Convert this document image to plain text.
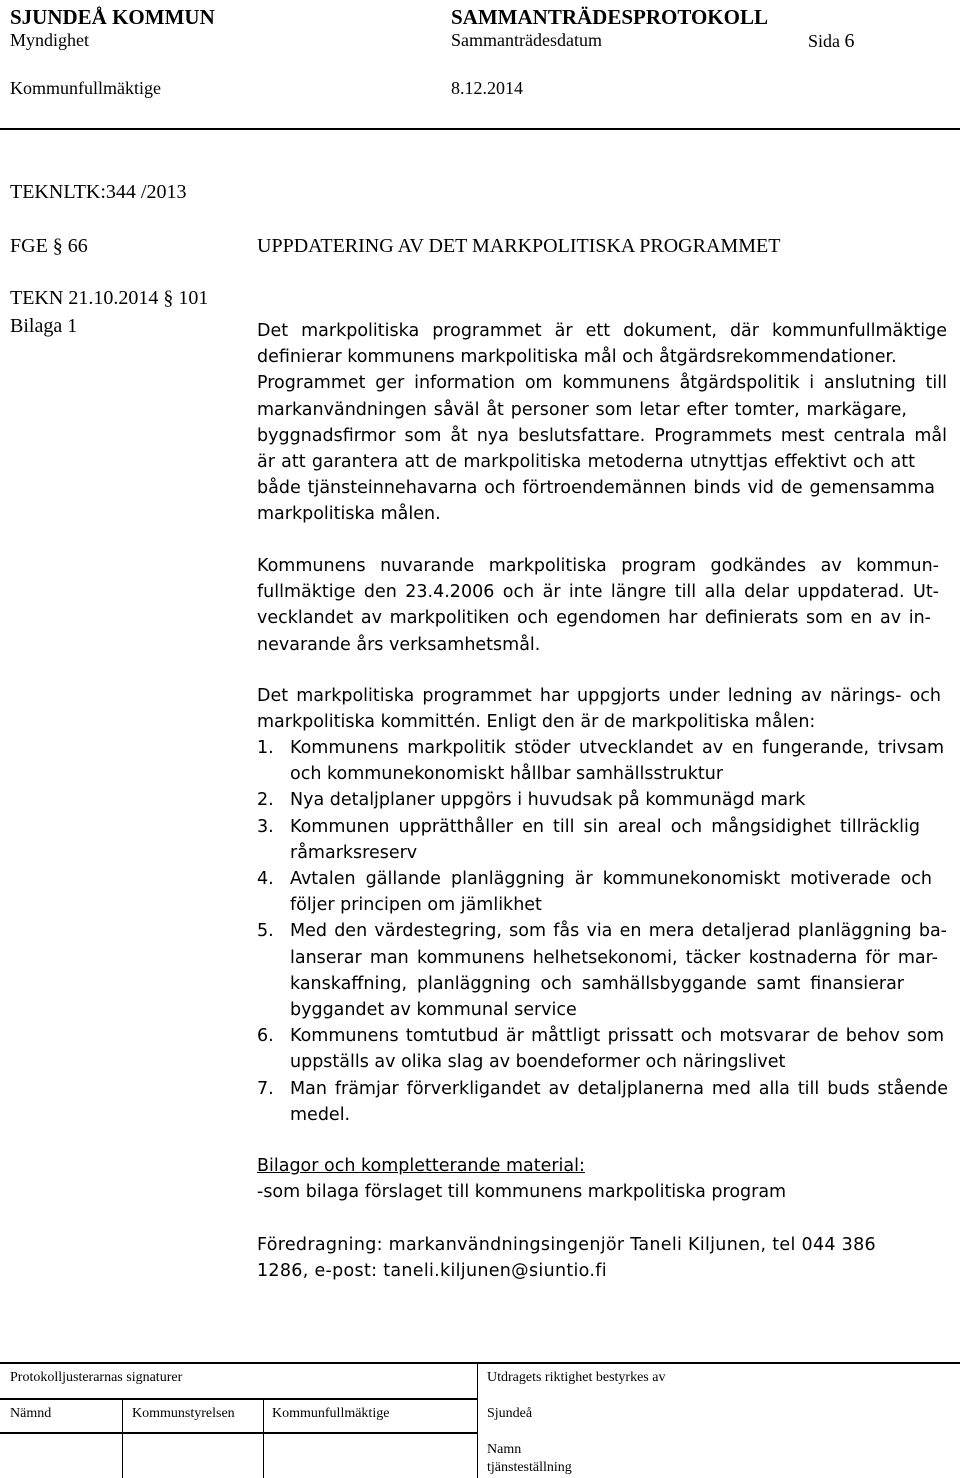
SJUNDEÅ KOMMUN	SAMMANTRÄDESPROTOKOLL
Myndighet	Sammanträdesdatum	Sida 6
Kommunfullmäktige	8.12.2014
TEKNLTK:344 /2013
FGE § 66
TEKN 21.10.2014 § 101
Bilaga 1
UPPDATERING AV DET MARKPOLITISKA PROGRAMMET

Det markpolitiska programmet är ett dokument, där kommunfullmäktige
definierar kommunens markpolitiska mål och åtgärdsrekommendationer.
Programmet ger information om kommunens åtgärdspolitik i anslutning till
markanvändningen såväl åt personer som letar efter tomter, markägare,
byggnadsfirmor som åt nya beslutsfattare. Programmets mest centrala mål
är att garantera att de markpolitiska metoderna utnyttjas effektivt och att
både tjänsteinnehavarna och förtroendemännen binds vid de gemensamma
markpolitiska målen.

Kommunens nuvarande markpolitiska program godkändes av kommun-
fullmäktige den 23.4.2006 och är inte längre till alla delar uppdaterad. Ut-
vecklandet av markpolitiken och egendomen har definierats som en av in-
nevarande års verksamhetsmål.

Det markpolitiska programmet har uppgjorts under ledning av närings- och
markpolitiska kommittén. Enligt den är de markpolitiska målen:

1. Kommunens markpolitik stöder utvecklandet av en fungerande, trivsam
och kommunekonomiskt hållbar samhällsstruktur
2. Nya detaljplaner uppgörs i huvudsak på kommunägd mark
3. Kommunen upprätthåller en till sin areal och mångsidighet tillräcklig
råmarksreserv
4. Avtalen gällande planläggning är kommunekonomiskt motiverade och
följer principen om jämlikhet
5. Med den värdestegring, som fås via en mera detaljerad planläggning ba-
lanserar man kommunens helhetsekonomi, täcker kostnaderna för mar-
kanskaffning, planläggning och samhällsbyggande samt finansierar
byggandet av kommunal service
6. Kommunens tomtutbud är måttligt prissatt och motsvarar de behov som
uppställs av olika slag av boendeformer och näringslivet
7. Man främjar förverkligandet av detaljplanerna med alla till buds stående
medel.
Bilagor och kompletterande material:
-som bilaga förslaget till kommunens markpolitiska program
Föredragning: markanvändningsingenjör Taneli Kiljunen, tel 044 386
1286, e-post: taneli.kiljunen@siuntio.fi
Protokolljusterarnas signaturer	Utdragets riktighet bestyrkes av
Nämnd	Kommunstyrelsen	Kommunfullmäktige	Sjundeå
Namn
tjänsteställning
